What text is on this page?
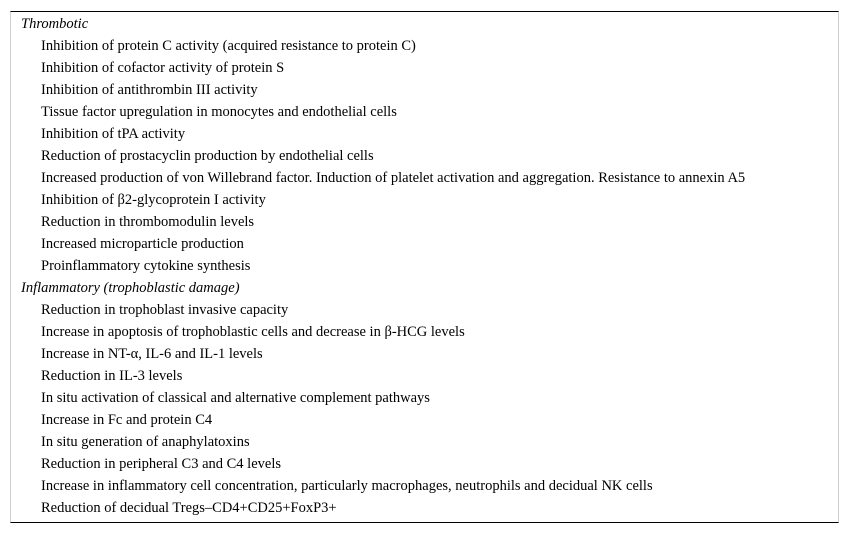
Thrombotic
Inhibition of protein C activity (acquired resistance to protein C)
Inhibition of cofactor activity of protein S
Inhibition of antithrombin III activity
Tissue factor upregulation in monocytes and endothelial cells
Inhibition of tPA activity
Reduction of prostacyclin production by endothelial cells
Increased production of von Willebrand factor. Induction of platelet activation and aggregation. Resistance to annexin A5
Inhibition of β2-glycoprotein I activity
Reduction in thrombomodulin levels
Increased microparticle production
Proinflammatory cytokine synthesis
Inflammatory (trophoblastic damage)
Reduction in trophoblast invasive capacity
Increase in apoptosis of trophoblastic cells and decrease in β-HCG levels
Increase in NT-α, IL-6 and IL-1 levels
Reduction in IL-3 levels
In situ activation of classical and alternative complement pathways
Increase in Fc and protein C4
In situ generation of anaphylatoxins
Reduction in peripheral C3 and C4 levels
Increase in inflammatory cell concentration, particularly macrophages, neutrophils and decidual NK cells
Reduction of decidual Tregs–CD4+CD25+FoxP3+
